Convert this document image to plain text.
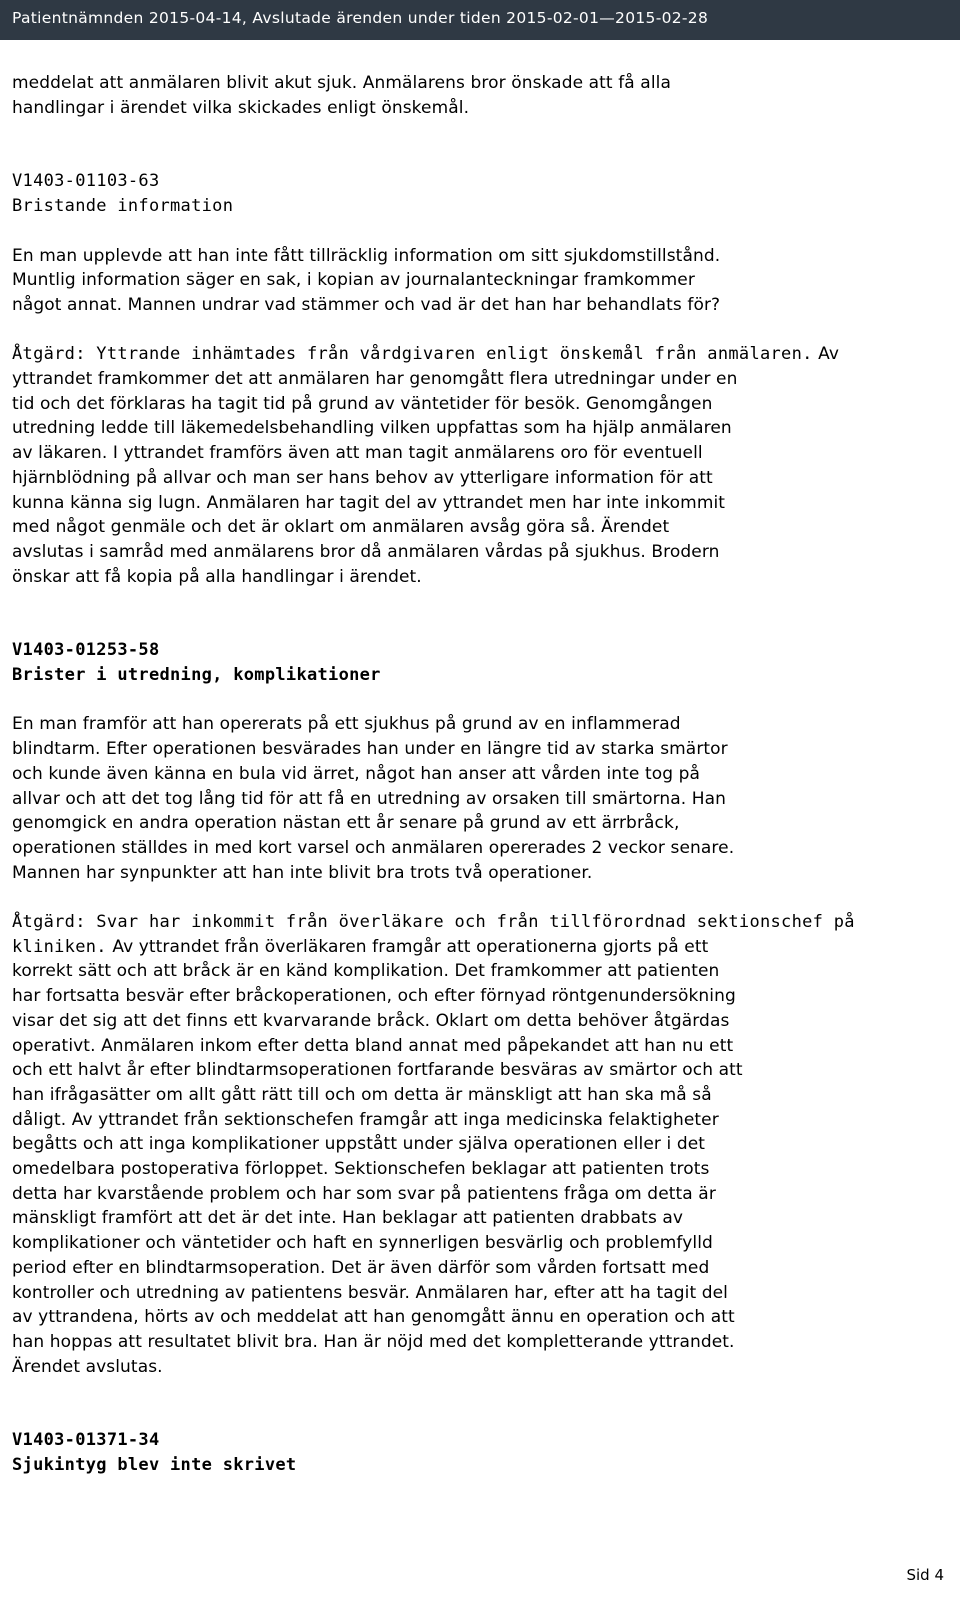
Patientnämnden 2015-04-14, Avslutade ärenden under tiden 2015-02-01—2015-02-28

meddelat att anmälaren blivit akut sjuk. Anmälarens bror önskade att få alla
handlingar i ärendet vilka skickades enligt önskemål.

V1403-01103-63

Bristande information

En man upplevde att han inte fått tillräcklig information om sitt sjukdomstillstånd.
Muntlig information säger en sak, i kopian av journalanteckningar framkommer
något annat. Mannen undrar vad stämmer och vad är det han har behandlats för?

Åtgärd: Yttrande inhämtades från vårdgivaren enligt önskemål från anmälaren. Av
yttrandet framkommer det att anmälaren har genomgått flera utredningar under en
tid och det förklaras ha tagit tid på grund av väntetider för besök. Genomgången
utredning ledde till läkemedelsbehandling vilken uppfattas som ha hjälp anmälaren
av läkaren. I yttrandet framförs även att man tagit anmälarens oro för eventuell
hjärnblödning på allvar och man ser hans behov av ytterligare information för att
kunna känna sig lugn. Anmälaren har tagit del av yttrandet men har inte inkommit
med något genmäle och det är oklart om anmälaren avsåg göra så. Ärendet
avslutas i samråd med anmälarens bror då anmälaren vårdas på sjukhus. Brodern
önskar att få kopia på alla handlingar i ärendet.

V1403-01253-58

Brister i utredning, komplikationer

En man framför att han opererats på ett sjukhus på grund av en inflammerad
blindtarm. Efter operationen besvärades han under en längre tid av starka smärtor
och kunde även känna en bula vid ärret, något han anser att vården inte tog på
allvar och att det tog lång tid för att få en utredning av orsaken till smärtorna. Han
genomgick en andra operation nästan ett år senare på grund av ett ärrbråck,
operationen ställdes in med kort varsel och anmälaren opererades 2 veckor senare.
Mannen har synpunkter att han inte blivit bra trots två operationer.

Åtgärd: Svar har inkommit från överläkare och från tillförordnad sektionschef på
kliniken. Av yttrandet från överläkaren framgår att operationerna gjorts på ett
korrekt sätt och att bråck är en känd komplikation. Det framkommer att patienten
har fortsatta besvär efter bråckoperationen, och efter förnyad röntgenundersökning
visar det sig att det finns ett kvarvarande bråck. Oklart om detta behöver åtgärdas
operativt. Anmälaren inkom efter detta bland annat med påpekandet att han nu ett
och ett halvt år efter blindtarmsoperationen fortfarande besväras av smärtor och att
han ifrågasätter om allt gått rätt till och om detta är mänskligt att han ska må så
dåligt. Av yttrandet från sektionschefen framgår att inga medicinska felaktigheter
begåtts och att inga komplikationer uppstått under själva operationen eller i det
omedelbara postoperativa förloppet. Sektionschefen beklagar att patienten trots
detta har kvarstående problem och har som svar på patientens fråga om detta är
mänskligt framfört att det är det inte. Han beklagar att patienten drabbats av
komplikationer och väntetider och haft en synnerligen besvärlig och problemfylld
period efter en blindtarmsoperation. Det är även därför som vården fortsatt med
kontroller och utredning av patientens besvär. Anmälaren har, efter att ha tagit del
av yttrandena, hörts av och meddelat att han genomgått ännu en operation och att
han hoppas att resultatet blivit bra. Han är nöjd med det kompletterande yttrandet.
Ärendet avslutas.

V1403-01371-34

Sjukintyg blev inte skrivet

Sid 4
